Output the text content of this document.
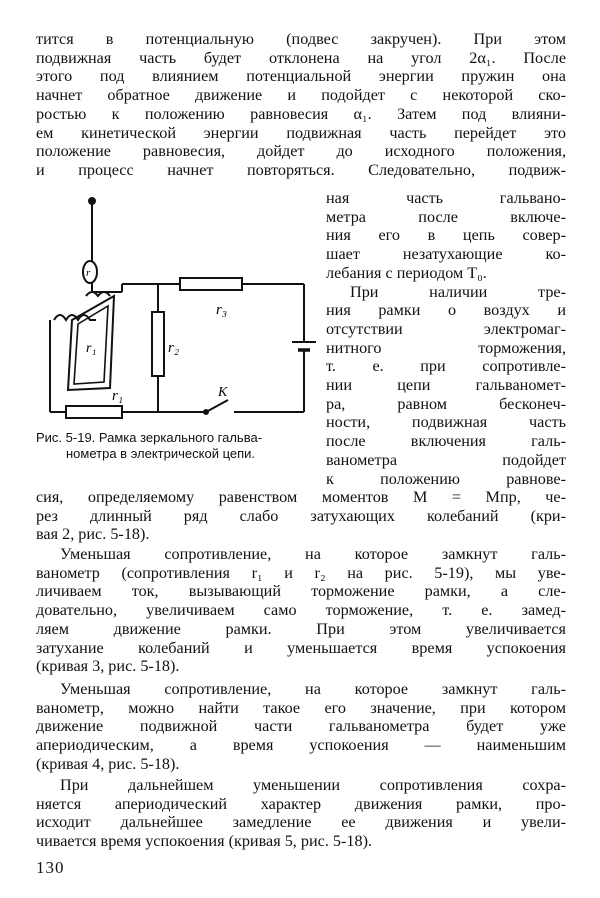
тится в потенциальную (подвес закручен). При этом
подвижная часть будет отклонена на угол 2α₁. После
этого под влиянием потенциальной энергии пружин она
начнет обратное движение и подойдет с некоторой ско-
ростью к положению равновесия α₁. Затем под влияни-
ем кинетической энергии подвижная часть перейдет это
положение равновесия, дойдет до исходного положения,
и процесс начнет повторяться. Следовательно, подвиж-
ная часть гальвано-
метра после включе-
ния его в цепь совер-
шает незатухающие ко-
лебания с периодом T₀.
При наличии тре-
ния рамки о воздух и
отсутствии электромаг-
нитного торможения,
т. е. при сопротивле-
нии цепи гальваномет-
ра, равном бесконеч-
ности, подвижная часть
после включения галь-
ванометра подойдет
к положению равнове-
r
r₁	r₂
r₃
r₁	К
Рис. 5-19. Рамка зеркального гальва-
нометра в электрической цепи.
сия, определяемому равенством моментов M = Mпр, че-
рез длинный ряд слабо затухающих колебаний (кри-
вая 2, рис. 5-18).
Уменьшая сопротивление, на которое замкнут галь-
ванометр (сопротивления r₁ и r₂ на рис. 5-19), мы уве-
личиваем ток, вызывающий торможение рамки, а сле-
довательно, увеличиваем само торможение, т. е. замед-
ляем движение рамки. При этом увеличивается
затухание колебаний и уменьшается время успокоения
(кривая 3, рис. 5-18).
Уменьшая сопротивление, на которое замкнут галь-
ванометр, можно найти такое его значение, при котором
движение подвижной части гальванометра будет уже
апериодическим, а время успокоения — наименьшим
(кривая 4, рис. 5-18).
При дальнейшем уменьшении сопротивления сохра-
няется апериодический характер движения рамки, про-
исходит дальнейшее замедление ее движения и увели-
чивается время успокоения (кривая 5, рис. 5-18).
130
